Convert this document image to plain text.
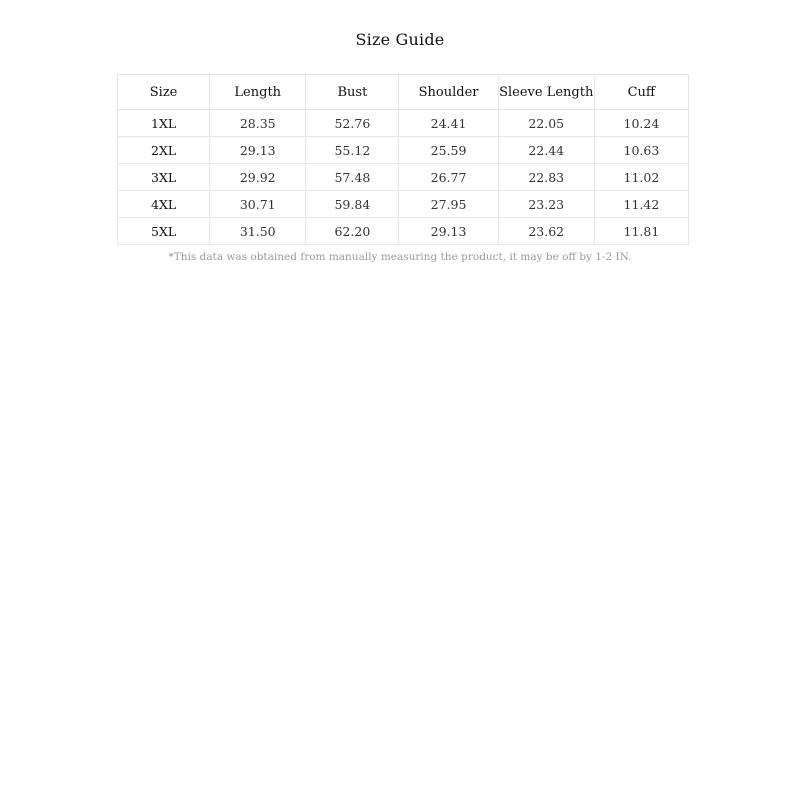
Size Guide
Size	Length	Bust	Shoulder	Sleeve Length	Cuff
1XL	28.35	52.76	24.41	22.05	10.24
2XL	29.13	55.12	25.59	22.44	10.63
3XL	29.92	57.48	26.77	22.83	11.02
4XL	30.71	59.84	27.95	23.23	11.42
5XL	31.50	62.20	29.13	23.62	11.81
*This data was obtained from manually measuring the product, it may be off by 1-2 IN.
